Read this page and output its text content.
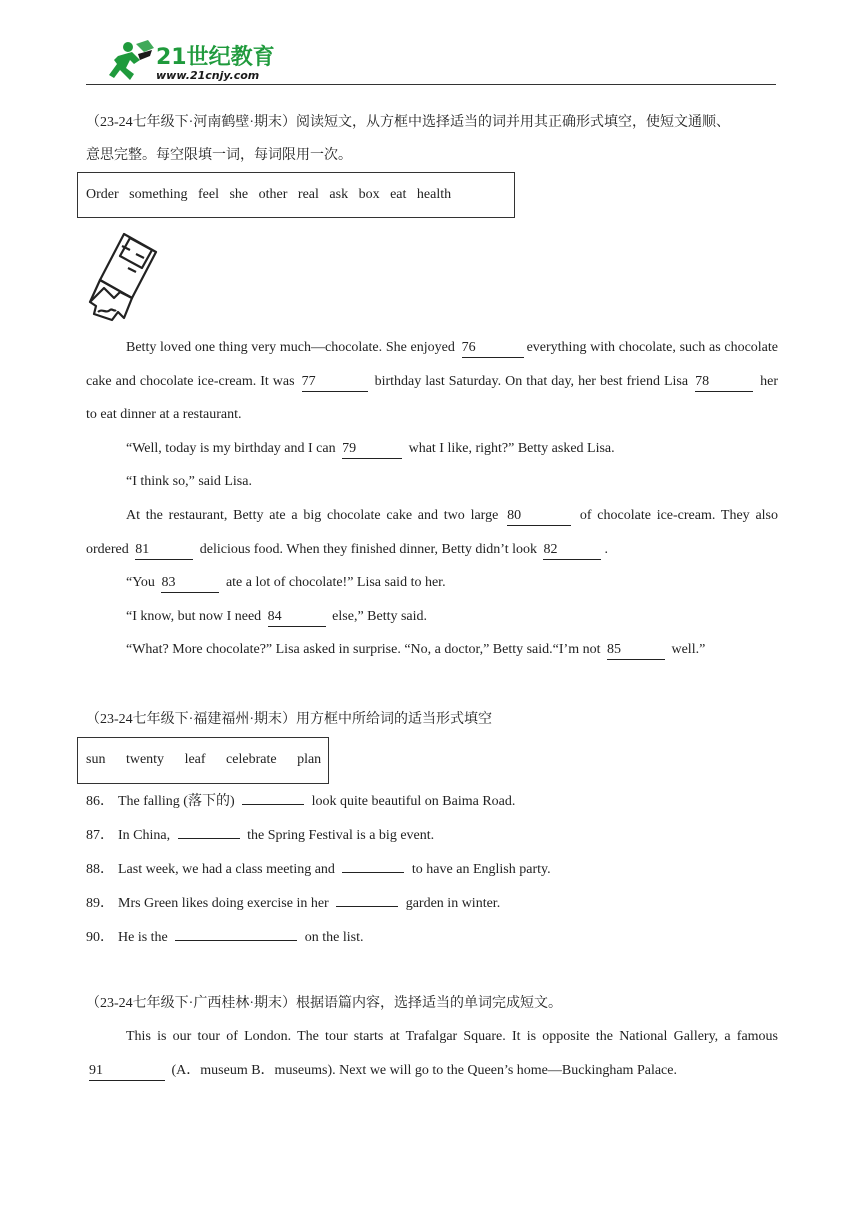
21世纪教育
www.21cnjy.com
（23-24七年级下·河南鹤壁·期末）阅读短文，从方框中选择适当的词并用其正确形式填空，使短文通顺、
意思完整。每空限填一词，每词限用一次。
Order something feel she other real ask box eat health
Betty loved one thing very much—chocolate. She enjoyed 76	everything with chocolate, such as chocolate cake and chocolate ice-cream. It was 77	birthday last Saturday. On that day, her best friend Lisa 78	her to eat dinner at a restaurant.
“Well, today is my birthday and I can 79	what I like, right?” Betty asked Lisa.
“I think so,” said Lisa.
At the restaurant, Betty ate a big chocolate cake and two large 80	of chocolate ice-cream. They also ordered 81	delicious food. When they finished dinner, Betty didn’t look 82	.
“You 83	ate a lot of chocolate!” Lisa said to her.
“I know, but now I need 84	else,” Betty said.
“What? More chocolate?” Lisa asked in surprise. “No, a doctor,” Betty said.“I’m not 85	well.”
（23-24七年级下·福建福州·期末）用方框中所给词的适当形式填空
sun twenty leaf celebrate plan
86． The falling (落下的)	look quite beautiful on Baima Road.
87． In China,	the Spring Festival is a big event.
88． Last week, we had a class meeting and	to have an English party.
89． Mrs Green likes doing exercise in her	garden in winter.
90． He is the	on the list.
（23-24七年级下·广西桂林·期末）根据语篇内容，选择适当的单词完成短文。
This is our tour of London. The tour starts at Trafalgar Square. It is opposite the National Gallery, a famous 91	(A．museum B．museums). Next we will go to the Queen’s home—Buckingham Palace.
